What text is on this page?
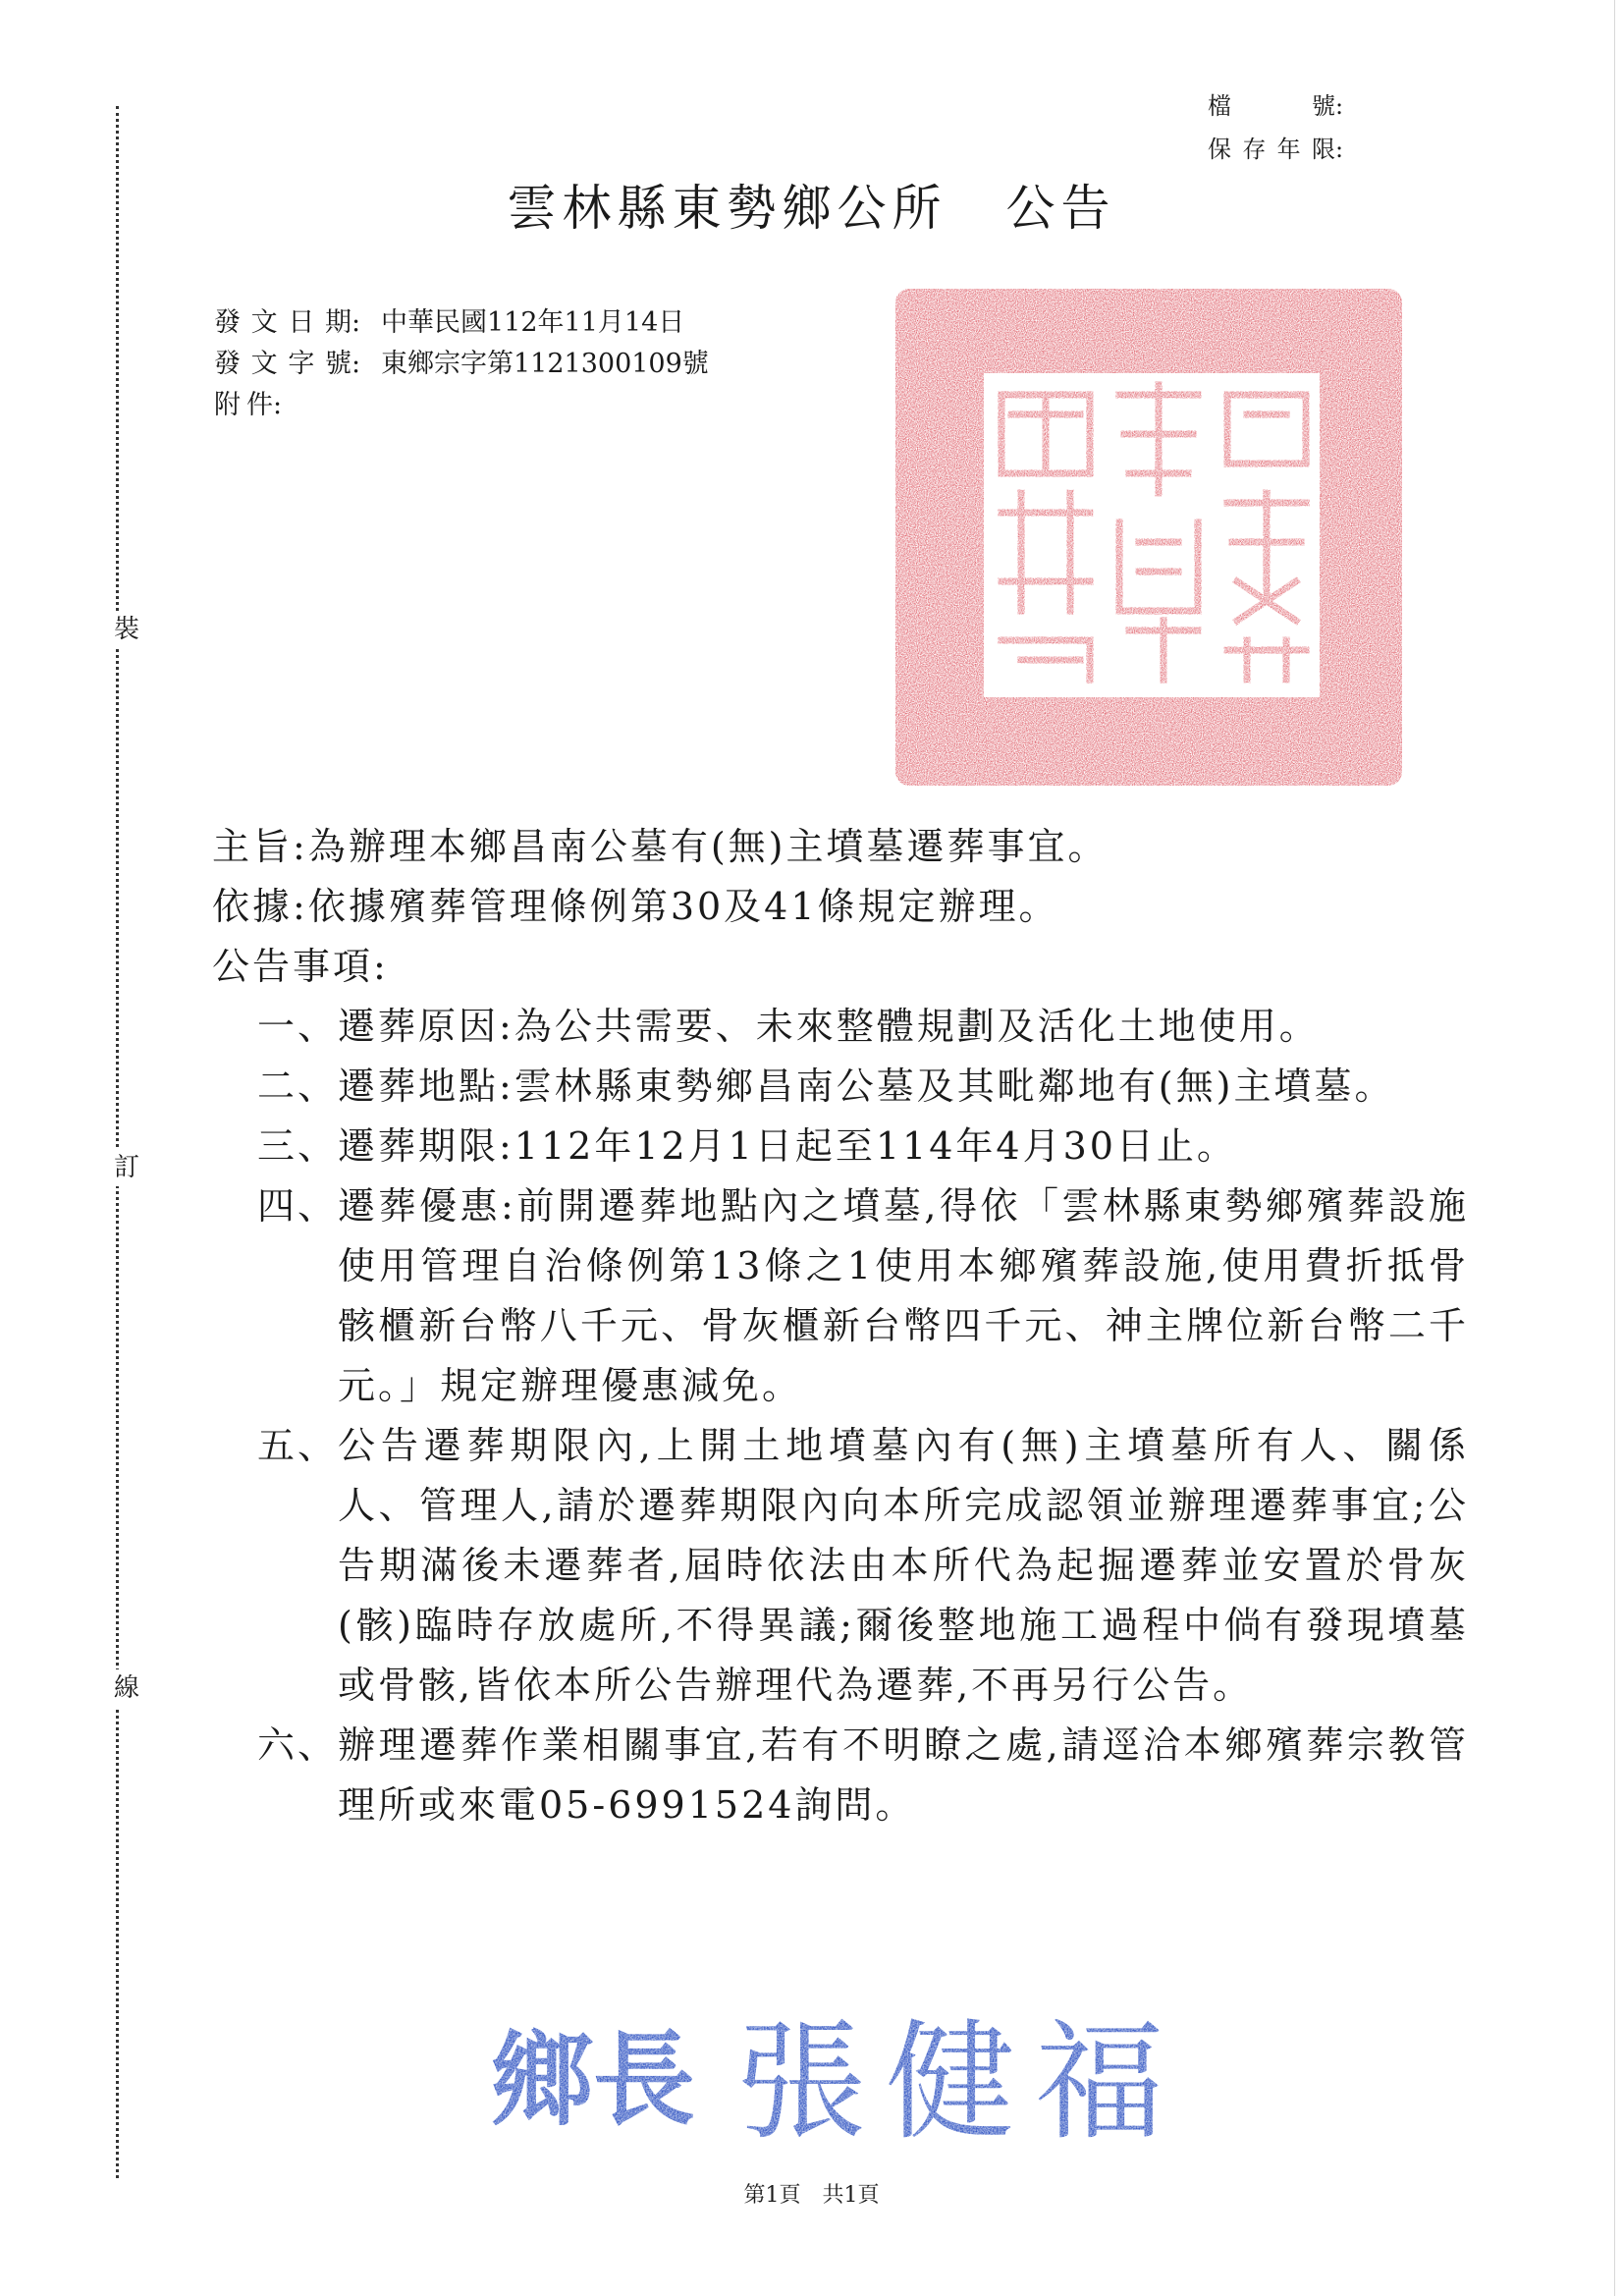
裝
訂
線
檔號 :
保存年限 :
雲林縣東勢鄉公所 公告
發文日期 : 中華民國112年11月14日
發文字號 : 東鄉宗字第1121300109號
附件 :
主旨: 為辦理本鄉昌南公墓有(無)主墳墓遷葬事宜。
依據: 依據殯葬管理條例第30及41條規定辦理。
公告事項:
一、 遷葬原因:為公共需要、未來整體規劃及活化土地使用。
二、 遷葬地點:雲林縣東勢鄉昌南公墓及其毗鄰地有(無)主墳墓。
三、 遷葬期限:112年12月1日起至114年4月30日止。
四、 遷葬優惠:前開遷葬地點內之墳墓,得依「雲林縣東勢鄉殯葬設施使用管理自治條例第13條之1使用本鄉殯葬設施,使用費折抵骨骸櫃新台幣八千元、骨灰櫃新台幣四千元、神主牌位新台幣二千元。」規定辦理優惠減免。
五、 公告遷葬期限內,上開土地墳墓內有(無)主墳墓所有人、關係人、管理人,請於遷葬期限內向本所完成認領並辦理遷葬事宜;公告期滿後未遷葬者,屆時依法由本所代為起掘遷葬並安置於骨灰(骸)臨時存放處所,不得異議;爾後整地施工過程中倘有發現墳墓或骨骸,皆依本所公告辦理代為遷葬,不再另行公告。
六、 辦理遷葬作業相關事宜,若有不明瞭之處,請逕洽本鄉殯葬宗教管理所或來電05-6991524詢問。
鄉長 張健福
第1頁　共1頁
